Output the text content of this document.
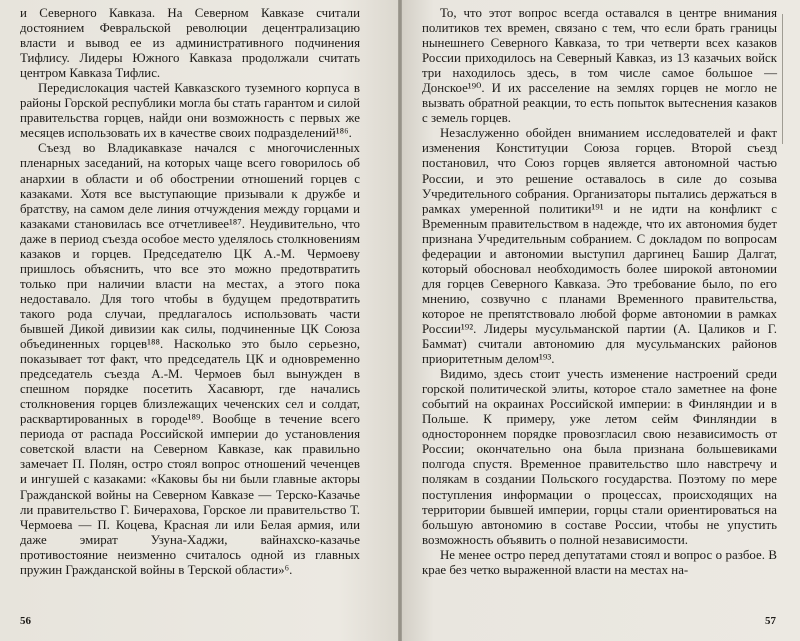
и Северного Кавказа. На Северном Кавказе считали достоянием Февральской революции децентрализацию власти и вывод ее из административного подчинения Тифлису. Лидеры Южного Кавказа продолжали считать центром Кавказа Тифлис.

Передислокация частей Кавказского туземного корпуса в районы Горской республики могла бы стать гарантом и силой правительства горцев, найди они возможность с первых же месяцев использовать их в качестве своих подразделений¹⁸⁶.

Съезд во Владикавказе начался с многочисленных пленарных заседаний, на которых чаще всего говорилось об анархии в области и об обострении отношений горцев с казаками. Хотя все выступающие призывали к дружбе и братству, на самом деле линия отчуждения между горцами и казаками становилась все отчетливее¹⁸⁷. Неудивительно, что даже в период съезда особое место уделялось столкновениям казаков и горцев. Председателю ЦК А.-М. Чермоеву пришлось объяснить, что все это можно предотвратить только при наличии власти на местах, а этого пока недоставало. Для того чтобы в будущем предотвратить такого рода случаи, предлагалось использовать части бывшей Дикой дивизии как силы, подчиненные ЦК Союза объединенных горцев¹⁸⁸. Насколько это было серьезно, показывает тот факт, что председатель ЦК и одновременно председатель съезда А.-М. Чермоев был вынужден в спешном порядке посетить Хасавюрт, где начались столкновения горцев близлежащих чеченских сел и солдат, расквартированных в городе¹⁸⁹. Вообще в течение всего периода от распада Российской империи до установления советской власти на Северном Кавказе, как правильно замечает П. Полян, остро стоял вопрос отношений чеченцев и ингушей с казаками: «Каковы бы ни были главные акторы Гражданской войны на Северном Кавказе — Терско-Казачье ли правительство Г. Бичерахова, Горское ли правительство Т. Чермоева — П. Коцева, Красная ли или Белая армия, или даже эмират Узуна-Хаджи, вайнахско-казачье противостояние неизменно считалось одной из главных пружин Гражданской войны в Терской области»⁶.

56

То, что этот вопрос всегда оставался в центре внимания политиков тех времен, связано с тем, что если брать границы нынешнего Северного Кавказа, то три четверти всех казаков России приходилось на Северный Кавказ, из 13 казачьих войск три находилось здесь, в том числе самое большое — Донское¹⁹⁰. И их расселение на землях горцев не могло не вызвать обратной реакции, то есть попыток вытеснения казаков с земель горцев.

Незаслуженно обойден вниманием исследователей и факт изменения Конституции Союза горцев. Второй съезд постановил, что Союз горцев является автономной частью России, и это решение оставалось в силе до созыва Учредительного собрания. Организаторы пытались держаться в рамках умеренной политики¹⁹¹ и не идти на конфликт с Временным правительством в надежде, что их автономия будет признана Учредительным собранием. С докладом по вопросам федерации и автономии выступил даргинец Башир Далгат, который обосновал необходимость более широкой автономии для горцев Северного Кавказа. Это требование было, по его мнению, созвучно с планами Временного правительства, которое не препятствовало любой форме автономии в рамках России¹⁹². Лидеры мусульманской партии (А. Цаликов и Г. Баммат) считали автономию для мусульманских районов приоритетным делом¹⁹³.

Видимо, здесь стоит учесть изменение настроений среди горской политической элиты, которое стало заметнее на фоне событий на окраинах Российской империи: в Финляндии и в Польше. К примеру, уже летом сейм Финляндии в одностороннем порядке провозгласил свою независимость от России; окончательно она была признана большевиками полгода спустя. Временное правительство шло навстречу и полякам в создании Польского государства. Поэтому по мере поступления информации о процессах, происходящих на территории бывшей империи, горцы стали ориентироваться на большую автономию в составе России, чтобы не упустить возможность объявить о полной независимости.

Не менее остро перед депутатами стоял и вопрос о разбое. В крае без четко выраженной власти на местах на-

57
